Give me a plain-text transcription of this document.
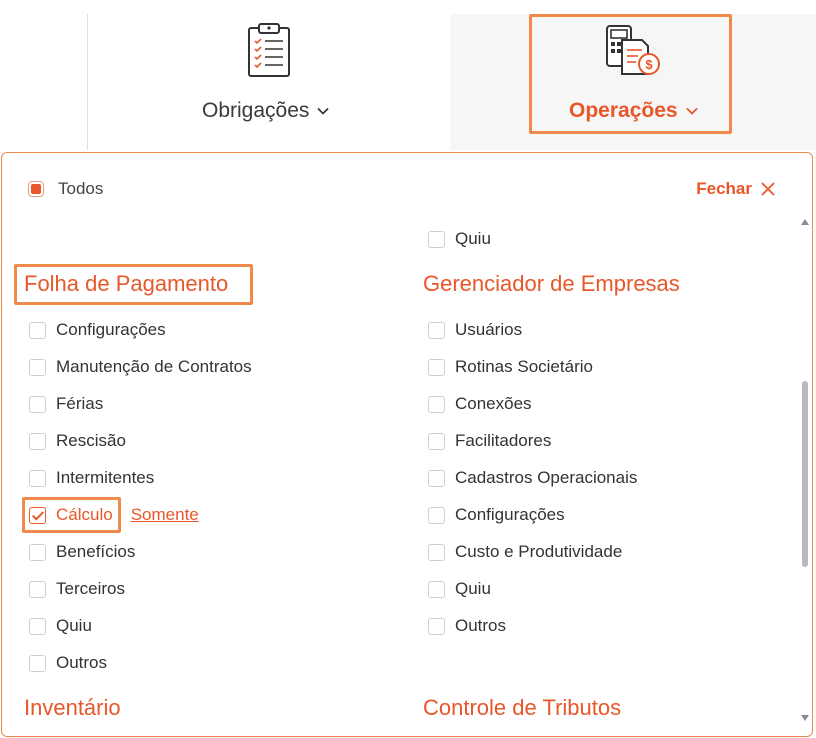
Obrigações
$
Operações
Todos	Fechar
Quiu
Folha de Pagamento
Configurações
Manutenção de Contratos
Férias
Rescisão
Intermitentes
Cálculo Somente
Benefícios
Terceiros
Quiu
Outros
Inventário
Gerenciador de Empresas
Usuários
Rotinas Societário
Conexões
Facilitadores
Cadastros Operacionais
Configurações
Custo e Produtividade
Quiu
Outros
Controle de Tributos
